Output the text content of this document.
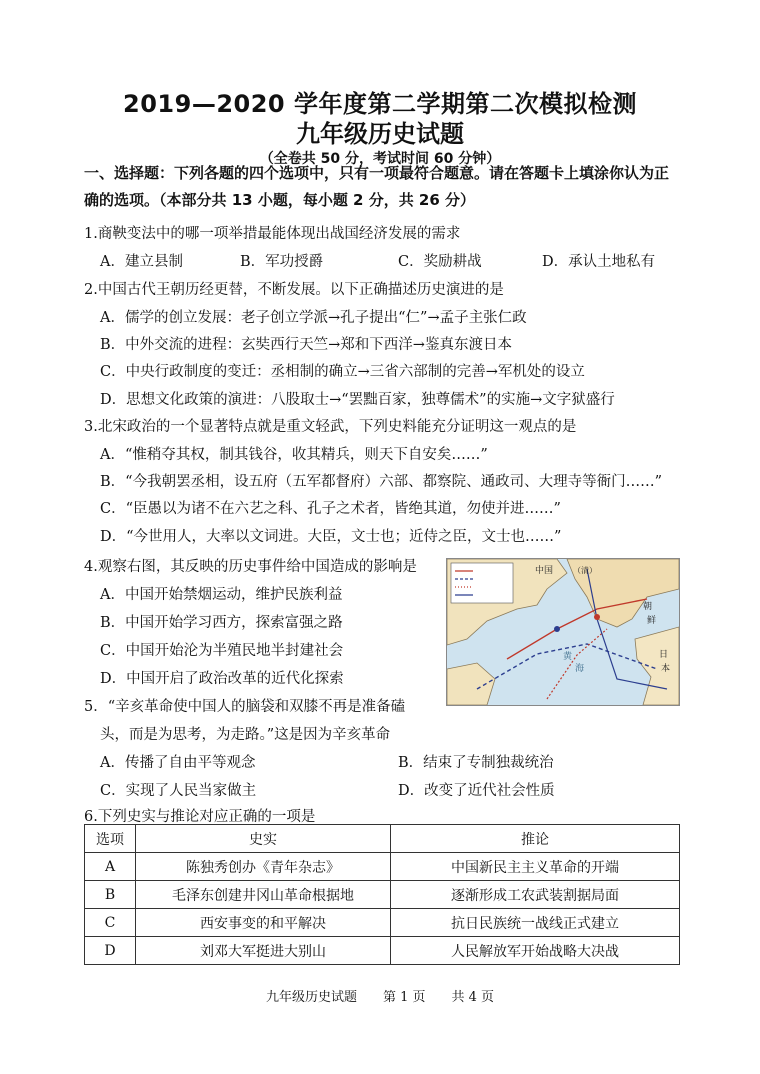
2019—2020 学年度第二学期第二次模拟检测
九年级历史试题
（全卷共 50 分，考试时间 60 分钟）
一、选择题：下列各题的四个选项中，只有一项最符合题意。请在答题卡上填涂你认为正
确的选项。（本部分共 13 小题，每小题 2 分，共 26 分）
1.商鞅变法中的哪一项举措最能体现出战国经济发展的需求
A．建立县制	B．军功授爵	C．奖励耕战	D．承认土地私有
2.中国古代王朝历经更替，不断发展。以下正确描述历史演进的是
A．儒学的创立发展：老子创立学派→孔子提出“仁”→孟子主张仁政
B．中外交流的进程：玄奘西行天竺→郑和下西洋→鉴真东渡日本
C．中央行政制度的变迁：丞相制的确立→三省六部制的完善→军机处的设立
D．思想文化政策的演进：八股取士→“罢黜百家，独尊儒术”的实施→文字狱盛行
3.北宋政治的一个显著特点就是重文轻武，下列史料能充分证明这一观点的是
A．“惟稍夺其权，制其钱谷，收其精兵，则天下自安矣……”
B．“今我朝罢丞相，设五府（五军都督府）六部、都察院、通政司、大理寺等衙门……”
C．“臣愚以为诸不在六艺之科、孔子之术者，皆绝其道，勿使并进……”
D．“今世用人，大率以文词进。大臣，文士也；近侍之臣，文士也……”
4.观察右图，其反映的历史事件给中国造成的影响是
A．中国开始禁烟运动，维护民族利益
B．中国开始学习西方，探索富强之路
C．中国开始沦为半殖民地半封建社会
D．中国开启了政治改革的近代化探索
中国 （清）
朝
鲜
日
本
黄
海
5．“辛亥革命使中国人的脑袋和双膝不再是准备磕
头，而是为思考，为走路。”这是因为辛亥革命
A．传播了自由平等观念	B．结束了专制独裁统治
C．实现了人民当家做主	D．改变了近代社会性质
6.下列史实与推论对应正确的一项是
选项	史实	推论
A	陈独秀创办《青年杂志》	中国新民主主义革命的开端
B	毛泽东创建井冈山革命根据地	逐渐形成工农武装割据局面
C	西安事变的和平解决	抗日民族统一战线正式建立
D	刘邓大军挺进大别山	人民解放军开始战略大决战
九年级历史试题　　第 1 页　　共 4 页
